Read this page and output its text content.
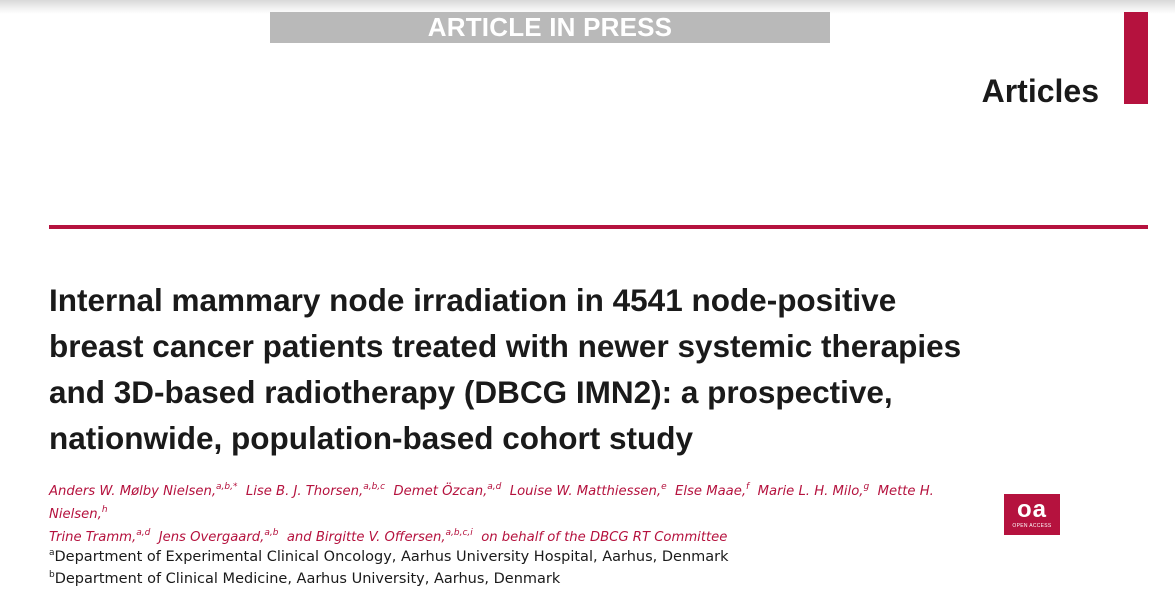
ARTICLE IN PRESS
Articles
Internal mammary node irradiation in 4541 node-positive
breast cancer patients treated with newer systemic therapies
and 3D-based radiotherapy (DBCG IMN2): a prospective,
nationwide, population-based cohort study

Anders W. Mølby Nielsen,$^{a,b,*}$ Lise B. J. Thorsen,$^{a,b,c}$ Demet Özcan,$^{a,d}$ Louise W. Matthiessen,$^e$ Else Maae,$^f$ Marie L. H. Milo,$^g$ Mette H. Nielsen,$^h$
Trine Tramm,$^{a,d}$ Jens Overgaard,$^{a,b}$ and Birgitte V. Offersen,$^{a,b,c,i}$ on behalf of the DBCG RT Committee

oa
OPEN ACCESS

$^a$Department of Experimental Clinical Oncology, Aarhus University Hospital, Aarhus, Denmark

$^b$Department of Clinical Medicine, Aarhus University, Aarhus, Denmark
